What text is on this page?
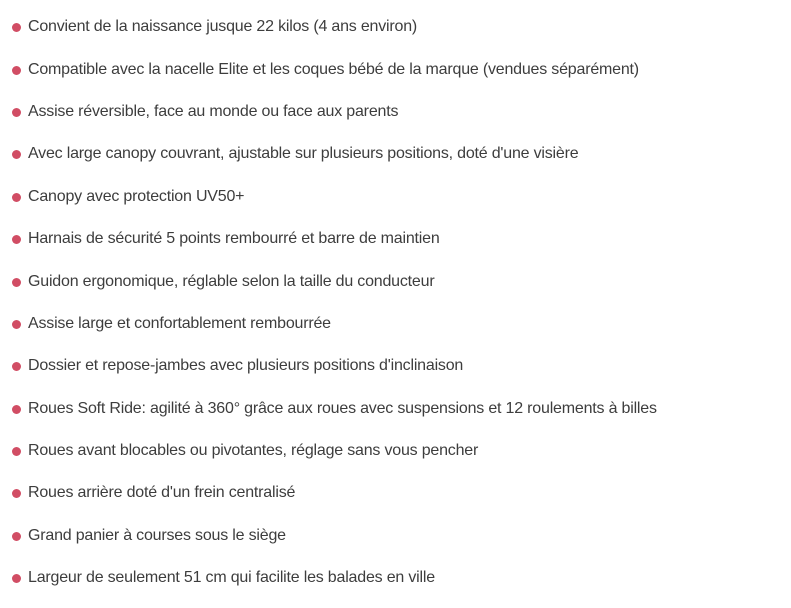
Convient de la naissance jusque 22 kilos (4 ans environ)
Compatible avec la nacelle Elite et les coques bébé de la marque (vendues séparément)
Assise réversible, face au monde ou face aux parents
Avec large canopy couvrant, ajustable sur plusieurs positions, doté d'une visière
Canopy avec protection UV50+
Harnais de sécurité 5 points rembourré et barre de maintien
Guidon ergonomique, réglable selon la taille du conducteur
Assise large et confortablement rembourrée
Dossier et repose-jambes avec plusieurs positions d'inclinaison
Roues Soft Ride: agilité à 360° grâce aux roues avec suspensions et 12 roulements à billes
Roues avant blocables ou pivotantes, réglage sans vous pencher
Roues arrière doté d'un frein centralisé
Grand panier à courses sous le siège
Largeur de seulement 51 cm qui facilite les balades en ville
